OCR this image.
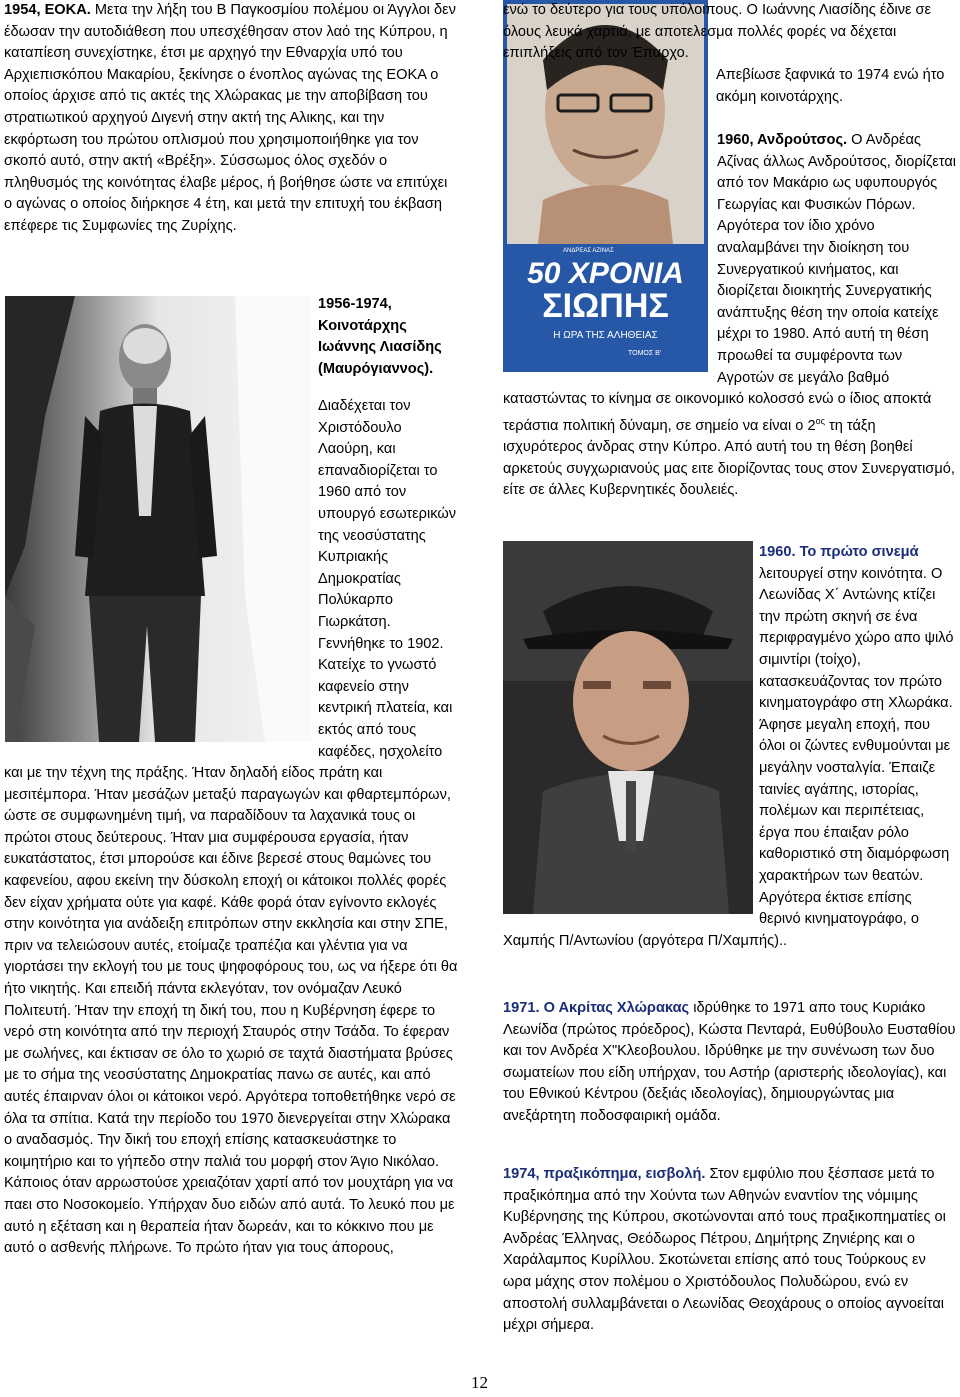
1954, ΕΟΚΑ. Μετα την λήξη του Β Παγκοσμίου πολέμου οι Άγγλοι δεν έδωσαν την αυτοδιάθεση που υπεσχέθησαν στον λαό της Κύπρου, η καταπίεση συνεχίστηκε, έτσι με αρχηγό την Εθναρχία υπό του Αρχιεπισκόπου Μακαρίου, ξεκίνησε ο ένοπλος αγώνας της ΕΟΚΑ ο οποίος άρχισε από τις ακτές της Χλώρακας με την αποβίβαση του στρατιωτικού αρχηγού Διγενή στην ακτή της Αλικης, και την εκφόρτωση του πρώτου οπλισμού που χρησιμοποιήθηκε για τον σκοπό αυτό, στην ακτή «Βρέξη». Σύσσωμος όλος σχεδόν ο πληθυσμός της κοινότητας έλαβε μέρος, ή βοήθησε ώστε να επιτύχει ο αγώνας ο οποίος διήρκησε 4 έτη, και μετά την επιτυχή του έκβαση επέφερε τις Συμφωνίες της Ζυρίχης.

1956-1974, Κοινοτάρχης Ιωάννης Λιασίδης (Μαυρόγιαννος).

Διαδέχεται τον Χριστόδουλο Λαούρη, και επαναδιορίζεται το 1960 από τον υπουργό εσωτερικών της νεοσύστατης Κυπριακής Δημοκρατίας Πολύκαρπο Γιωρκάτση. Γεννήθηκε το 1902. Κατείχε το γνωστό καφενείο στην κεντρική πλατεία, και εκτός από τους καφέδες, ησχολείτο και με την τέχνη της πράξης. Ήταν δηλαδή είδος πράτη και μεσιτέμπορα. Ήταν μεσάζων μεταξύ παραγωγών και φθαρτεμπόρων, ώστε σε συμφωνημένη τιμή, να παραδίδουν τα λαχανικά τους οι πρώτοι στους δεύτερους. Ήταν μια συμφέρουσα εργασία, ήταν ευκατάστατος, έτσι μπορούσε και έδινε βερεσέ στους θαμώνες του καφενείου, αφου εκείνη την δύσκολη εποχή οι κάτοικοι πολλές φορές δεν είχαν χρήματα ούτε για καφέ. Κάθε φορά όταν εγίνοντο εκλογές στην κοινότητα για ανάδειξη επιτρόπων στην εκκλησία και στην ΣΠΕ, πριν να τελειώσουν αυτές, ετοίμαζε τραπέζια και γλέντια για να γιορτάσει την εκλογή του με τους ψηφοφόρους του, ως να ήξερε ότι θα ήτο νικητής. Και επειδή πάντα εκλεγόταν, τον ονόμαζαν Λευκό Πολιτευτή. Ήταν την εποχή τη δική του, που η Κυβέρνηση έφερε το νερό στη κοινότητα από την περιοχή Σταυρός στην Τσάδα. Το έφεραν με σωλήνες, και έκτισαν σε όλο το χωριό σε ταχτά διαστήματα βρύσες με το σήμα της νεοσύστατης Δημοκρατίας πανω σε αυτές, και από αυτές έπαιρναν όλοι οι κάτοικοι νερό. Αργότερα τοποθετήθηκε νερό σε όλα τα σπίτια. Κατά την περίοδο του 1970 διενεργείται στην Χλώρακα ο αναδασμός. Την δική του εποχή επίσης κατασκευάστηκε το κοιμητήριο και το γήπεδο στην παλιά του μορφή στον Άγιο Νικόλαο. Κάποιος όταν αρρωστούσε χρειαζόταν χαρτί από τον μουχτάρη για να παει στο Νοσοκομείο. Υπήρχαν δυο ειδών από αυτά. Το λευκό που με αυτό η εξέταση και η θεραπεία ήταν δωρεάν, και το κόκκινο που με αυτό ο ασθενής πλήρωνε. Το πρώτο ήταν για τους άπορους,

ΑΝΔΡΕΑΣ ΑΖΙΝΑΣ
50 ΧΡΟΝΙΑ
ΣΙΩΠΗΣ
Η ΩΡΑ ΤΗΣ ΑΛΗΘΕΙΑΣ
ΤΟΜΟΣ Β'

ενώ το δεύτερο για τους υπόλοιπους. Ο Ιωάννης Λιασίδης έδινε σε όλους λευκά χαρτιά, με αποτελεσμα πολλές φορές να δέχεται επιπλήξεις από τον Έπαρχο.

Απεβίωσε ξαφνικά το 1974 ενώ ήτο ακόμη κοινοτάρχης.

1960, Ανδρούτσος. Ο Ανδρέας Αζίνας άλλως Ανδρούτσος, διορίζεται από τον Μακάριο ως υφυπουργός Γεωργίας και Φυσικών Πόρων. Αργότερα τον ίδιο χρόνο αναλαμβάνει την διοίκηση του Συνεργατικού κινήματος, και διορίζεται διοικητής Συνεργατικής ανάπτυξης θέση την οποία κατείχε μέχρι το 1980. Από αυτή τη θέση προωθεί τα συμφέροντα των Αγροτών σε μεγάλο βαθμό καταστώντας το κίνημα σε οικονομικό κολοσσό ενώ ο ίδιος αποκτά τεράστια πολιτική δύναμη, σε σημείο να είναι ο $2^{o\varsigma}$ τη τάξη ισχυρότερος άνδρας στην Κύπρο. Από αυτή του τη θέση βοηθεί αρκετούς συγχωριανούς μας ειτε διορίζοντας τους στον Συνεργατισμό, είτε σε άλλες Κυβερνητικές δουλειές.

1960. Το πρώτο σινεμά λειτουργεί στην κοινότητα. Ο Λεωνίδας Χ΄ Αντώνης κτίζει την πρώτη σκηνή σε ένα περιφραγμένο χώρο απο ψιλό σιμιντίρι (τοίχο), κατασκευάζοντας τον πρώτο κινηματογράφο στη Χλωράκα. Άφησε μεγαλη εποχή, που όλοι οι ζώντες ενθυμούνται με μεγάλην νοσταλγία. Έπαιζε ταινίες αγάπης, ιστορίας, πολέμων και περιπέτειας, έργα που έπαιξαν ρόλο καθοριστικό στη διαμόρφωση χαρακτήρων των θεατών. Αργότερα έκτισε επίσης θερινό κινηματογράφο, ο Χαμπής Π/Αντωνίου (αργότερα Π/Χαμπής)..

1971. Ο Ακρίτας Χλώρακας ιδρύθηκε το 1971 απο τους Κυριάκο Λεωνίδα (πρώτος πρόεδρος), Κώστα Πενταρά, Ευθύβουλο Ευσταθίου και τον Ανδρέα Χ"Κλεοβουλου. Ιδρύθηκε με την συνένωση των δυο σωματείων που είδη υπήρχαν, του Αστήρ (αριστερής ιδεολογίας), και του Εθνικού Κέντρου (δεξιάς ιδεολογίας), δημιουργώντας μια ανεξάρτητη ποδοσφαιρική ομάδα.

1974, πραξικόπημα, εισβολή. Στον εμφύλιο που ξέσπασε μετά το πραξικόπημα από την Χούντα των Αθηνών εναντίον της νόμιμης Κυβέρνησης της Κύπρου, σκοτώνονται από τους πραξικοπηματίες οι Ανδρέας Έλληνας, Θεόδωρος Πέτρου, Δημήτρης Ζηνιέρης και ο Χαράλαμπος Κυρίλλου. Σκοτώνεται επίσης από τους Τούρκους εν ωρα μάχης στον πολέμου ο Χριστόδουλος Πολυδώρου, ενώ εν αποστολή συλλαμβάνεται ο Λεωνίδας Θεοχάρους ο οποίος αγνοείται μέχρι σήμερα.

12
